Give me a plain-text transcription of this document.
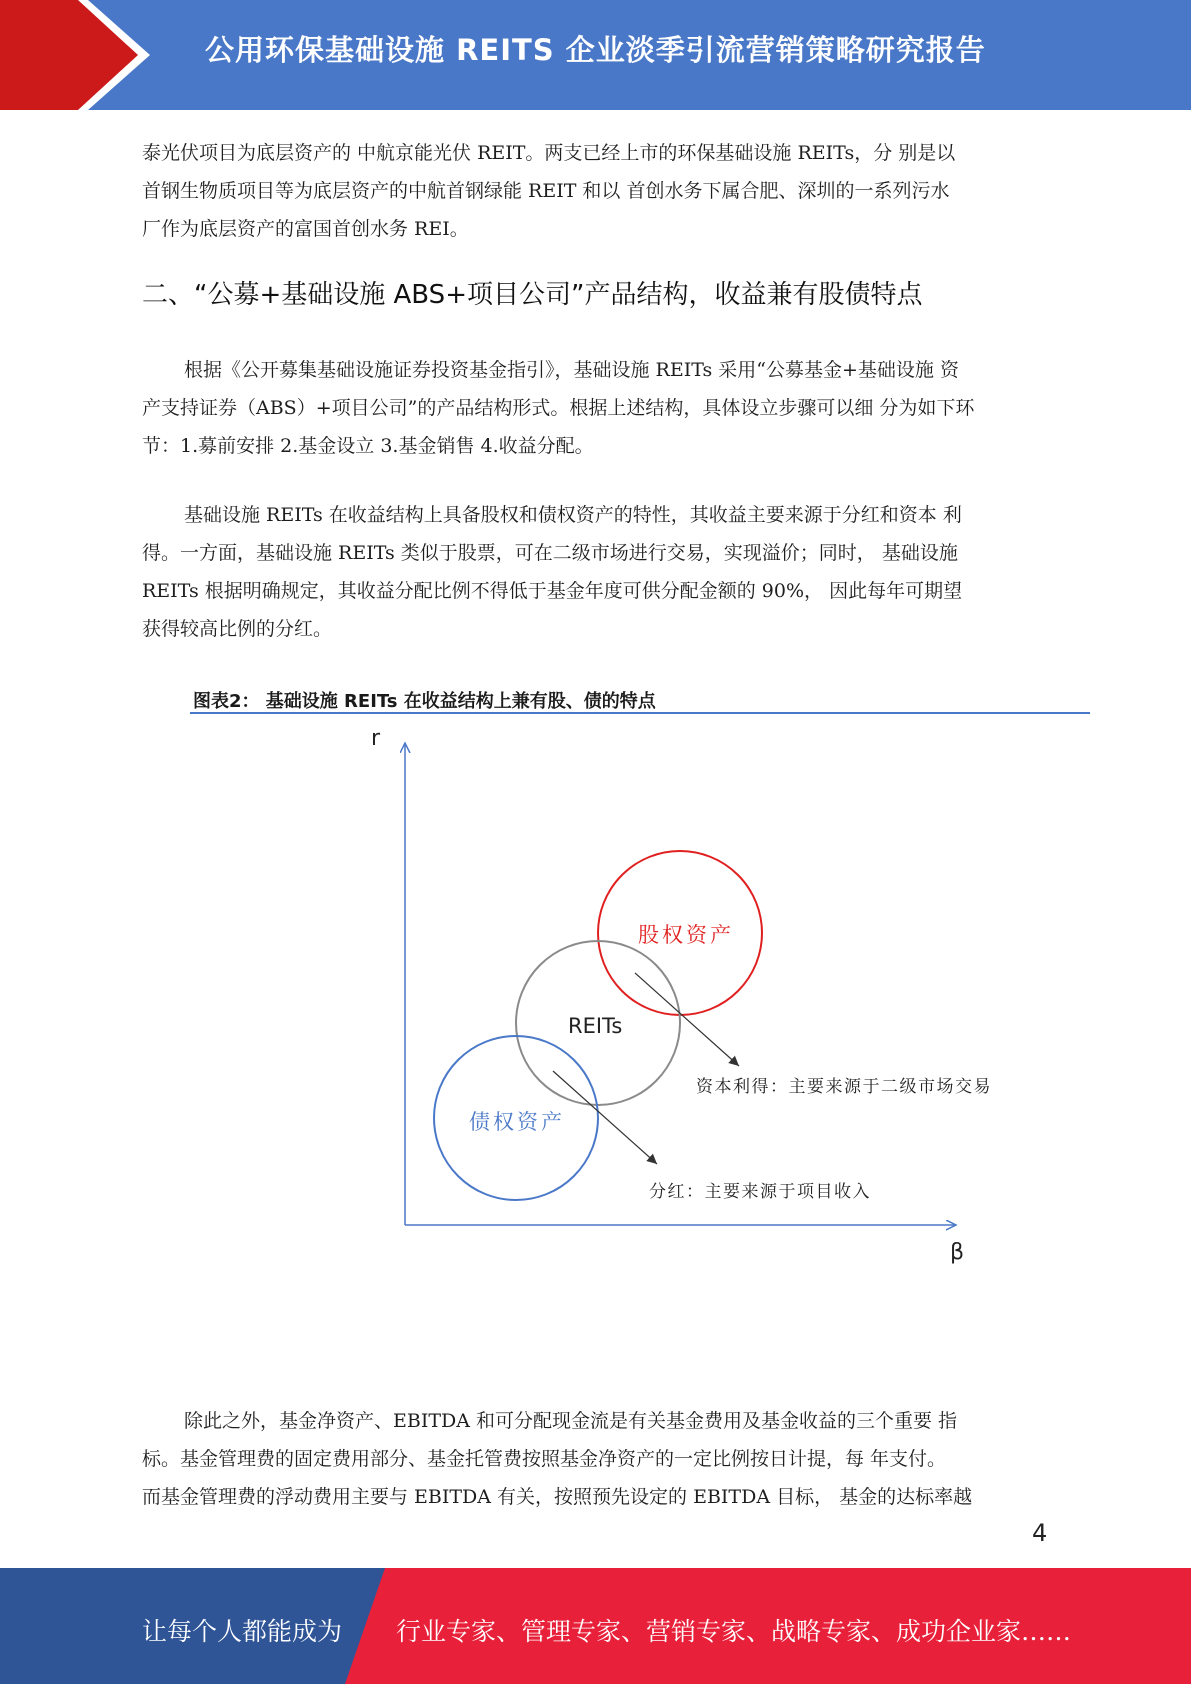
公用环保基础设施 REITS 企业淡季引流营销策略研究报告
泰光伏项目为底层资产的 中航京能光伏 REIT。两支已经上市的环保基础设施 REITs，分 别是以
首钢生物质项目等为底层资产的中航首钢绿能 REIT 和以 首创水务下属合肥、深圳的一系列污水
厂作为底层资产的富国首创水务 REI。
二、“公募+基础设施 ABS+项目公司”产品结构，收益兼有股债特点
根据《公开募集基础设施证券投资基金指引》，基础设施 REITs 采用“公募基金+基础设施 资
产支持证券（ABS）+项目公司”的产品结构形式。根据上述结构，具体设立步骤可以细 分为如下环
节：1.募前安排 2.基金设立 3.基金销售 4.收益分配。
基础设施 REITs 在收益结构上具备股权和债权资产的特性，其收益主要来源于分红和资本 利
得。一方面，基础设施 REITs 类似于股票，可在二级市场进行交易，实现溢价；同时， 基础设施
REITs 根据明确规定，其收益分配比例不得低于基金年度可供分配金额的 90%， 因此每年可期望
获得较高比例的分红。
图表2： 基础设施 REITs 在收益结构上兼有股、债的特点
r
β
股权资产
REITs
债权资产
资本利得：主要来源于二级市场交易
分红：主要来源于项目收入
除此之外，基金净资产、EBITDA 和可分配现金流是有关基金费用及基金收益的三个重要 指
标。基金管理费的固定费用部分、基金托管费按照基金净资产的一定比例按日计提，每 年支付。
而基金管理费的浮动费用主要与 EBITDA 有关，按照预先设定的 EBITDA 目标， 基金的达标率越
4
让每个人都能成为 行业专家、管理专家、营销专家、战略专家、成功企业家……
